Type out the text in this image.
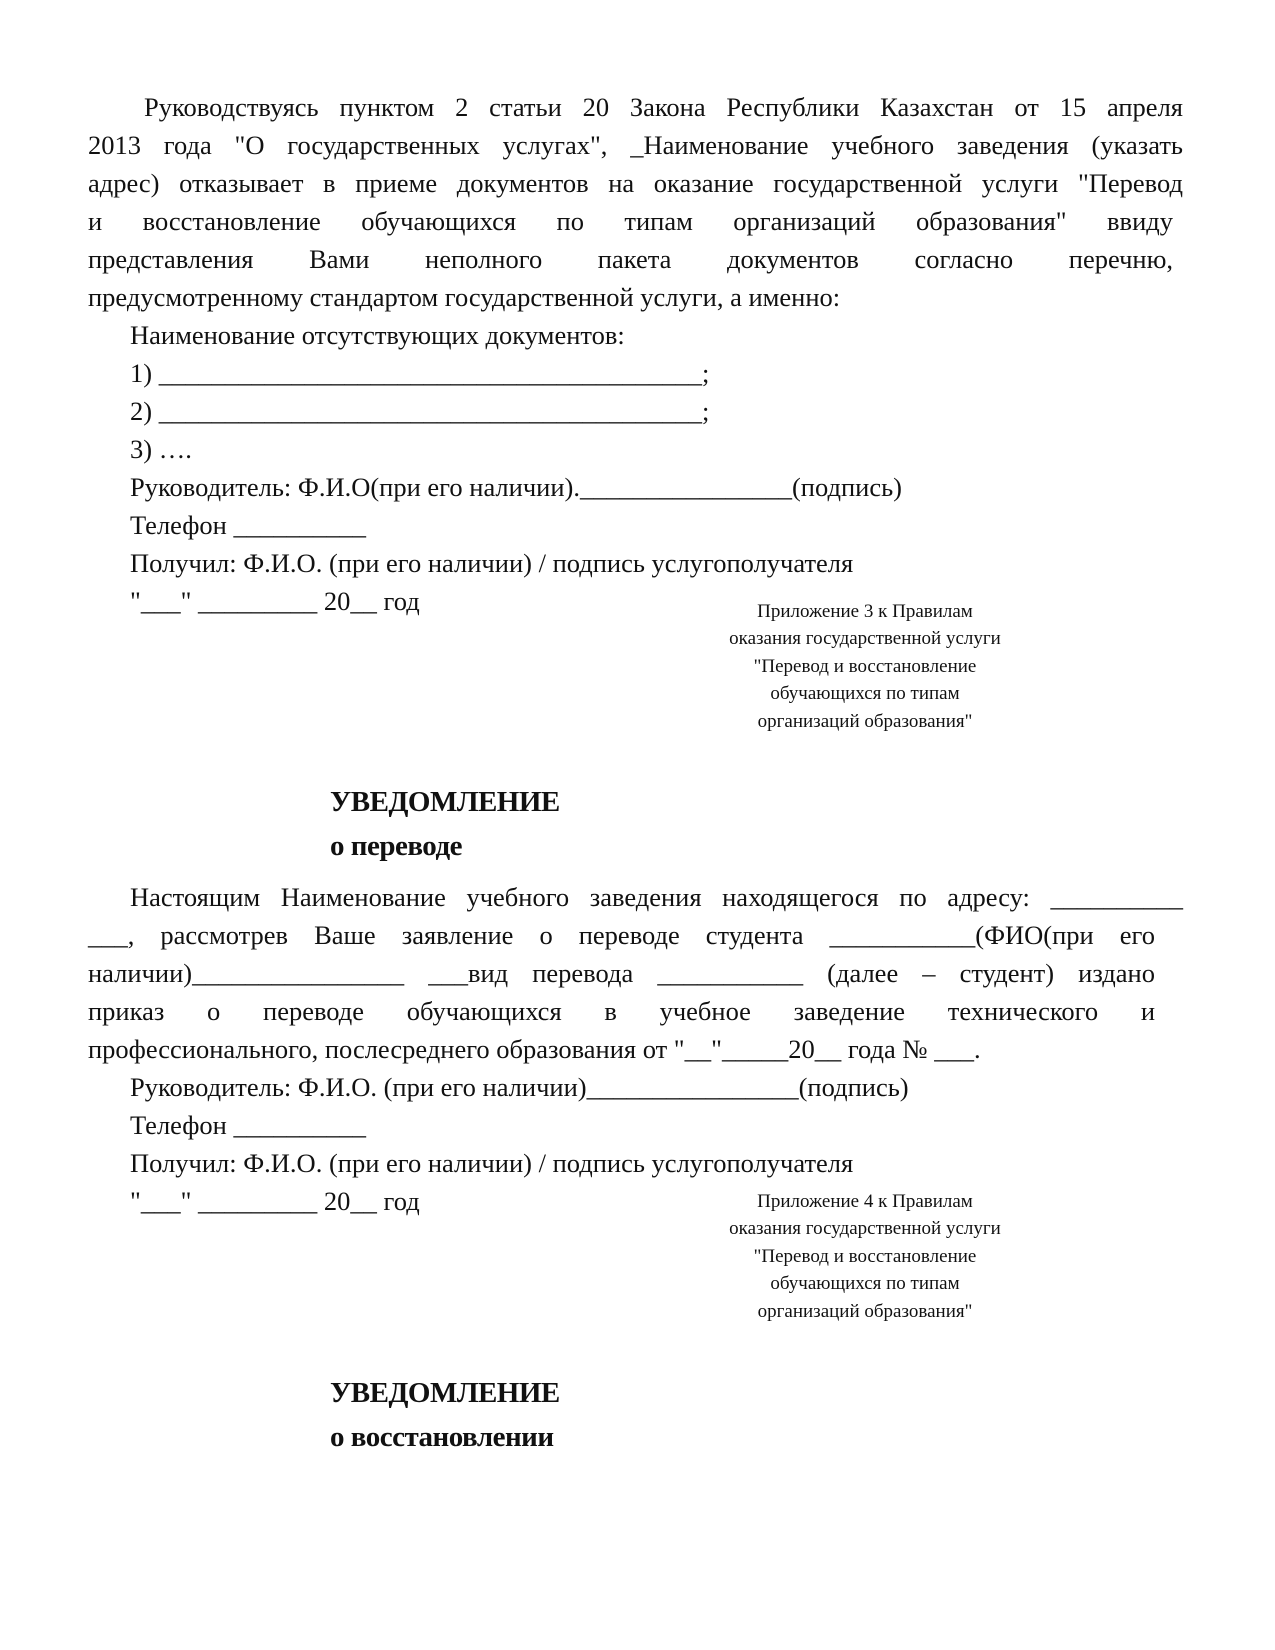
Руководствуясь пунктом 2 статьи 20 Закона Республики Казахстан от 15 апреля
2013 года "О государственных услугах", _Наименование учебного заведения (указать
адрес) отказывает в приеме документов на оказание государственной услуги "Перевод
и восстановление обучающихся по типам организаций образования" ввиду
представления Вами неполного пакета документов согласно перечню,
предусмотренному стандартом государственной услуги, а именно:
Наименование отсутствующих документов:
1) _________________________________________;
2) _________________________________________;
3) ….
Руководитель: Ф.И.О(при его наличии).________________(подпись)
Телефон __________
Получил: Ф.И.О. (при его наличии) / подпись услугополучателя
"___" _________ 20__ год	Приложение 3 к Правилам
оказания государственной услуги
"Перевод и восстановление
обучающихся по типам
организаций образования"
УВЕДОМЛЕНИЕ
о переводе
Настоящим Наименование учебного заведения находящегося по адресу: __________
___, рассмотрев Ваше заявление о переводе студента ___________(ФИО(при его
наличии)________________ ___вид перевода ___________ (далее – студент) издано
приказ о переводе обучающихся в учебное заведение технического и
профессионального, послесреднего образования от "__"_____20__ года № ___.
Руководитель: Ф.И.О. (при его наличии)________________(подпись)
Телефон __________
Получил: Ф.И.О. (при его наличии) / подпись услугополучателя
"___" _________ 20__ год	Приложение 4 к Правилам
оказания государственной услуги
"Перевод и восстановление
обучающихся по типам
организаций образования"
УВЕДОМЛЕНИЕ
о восстановлении
